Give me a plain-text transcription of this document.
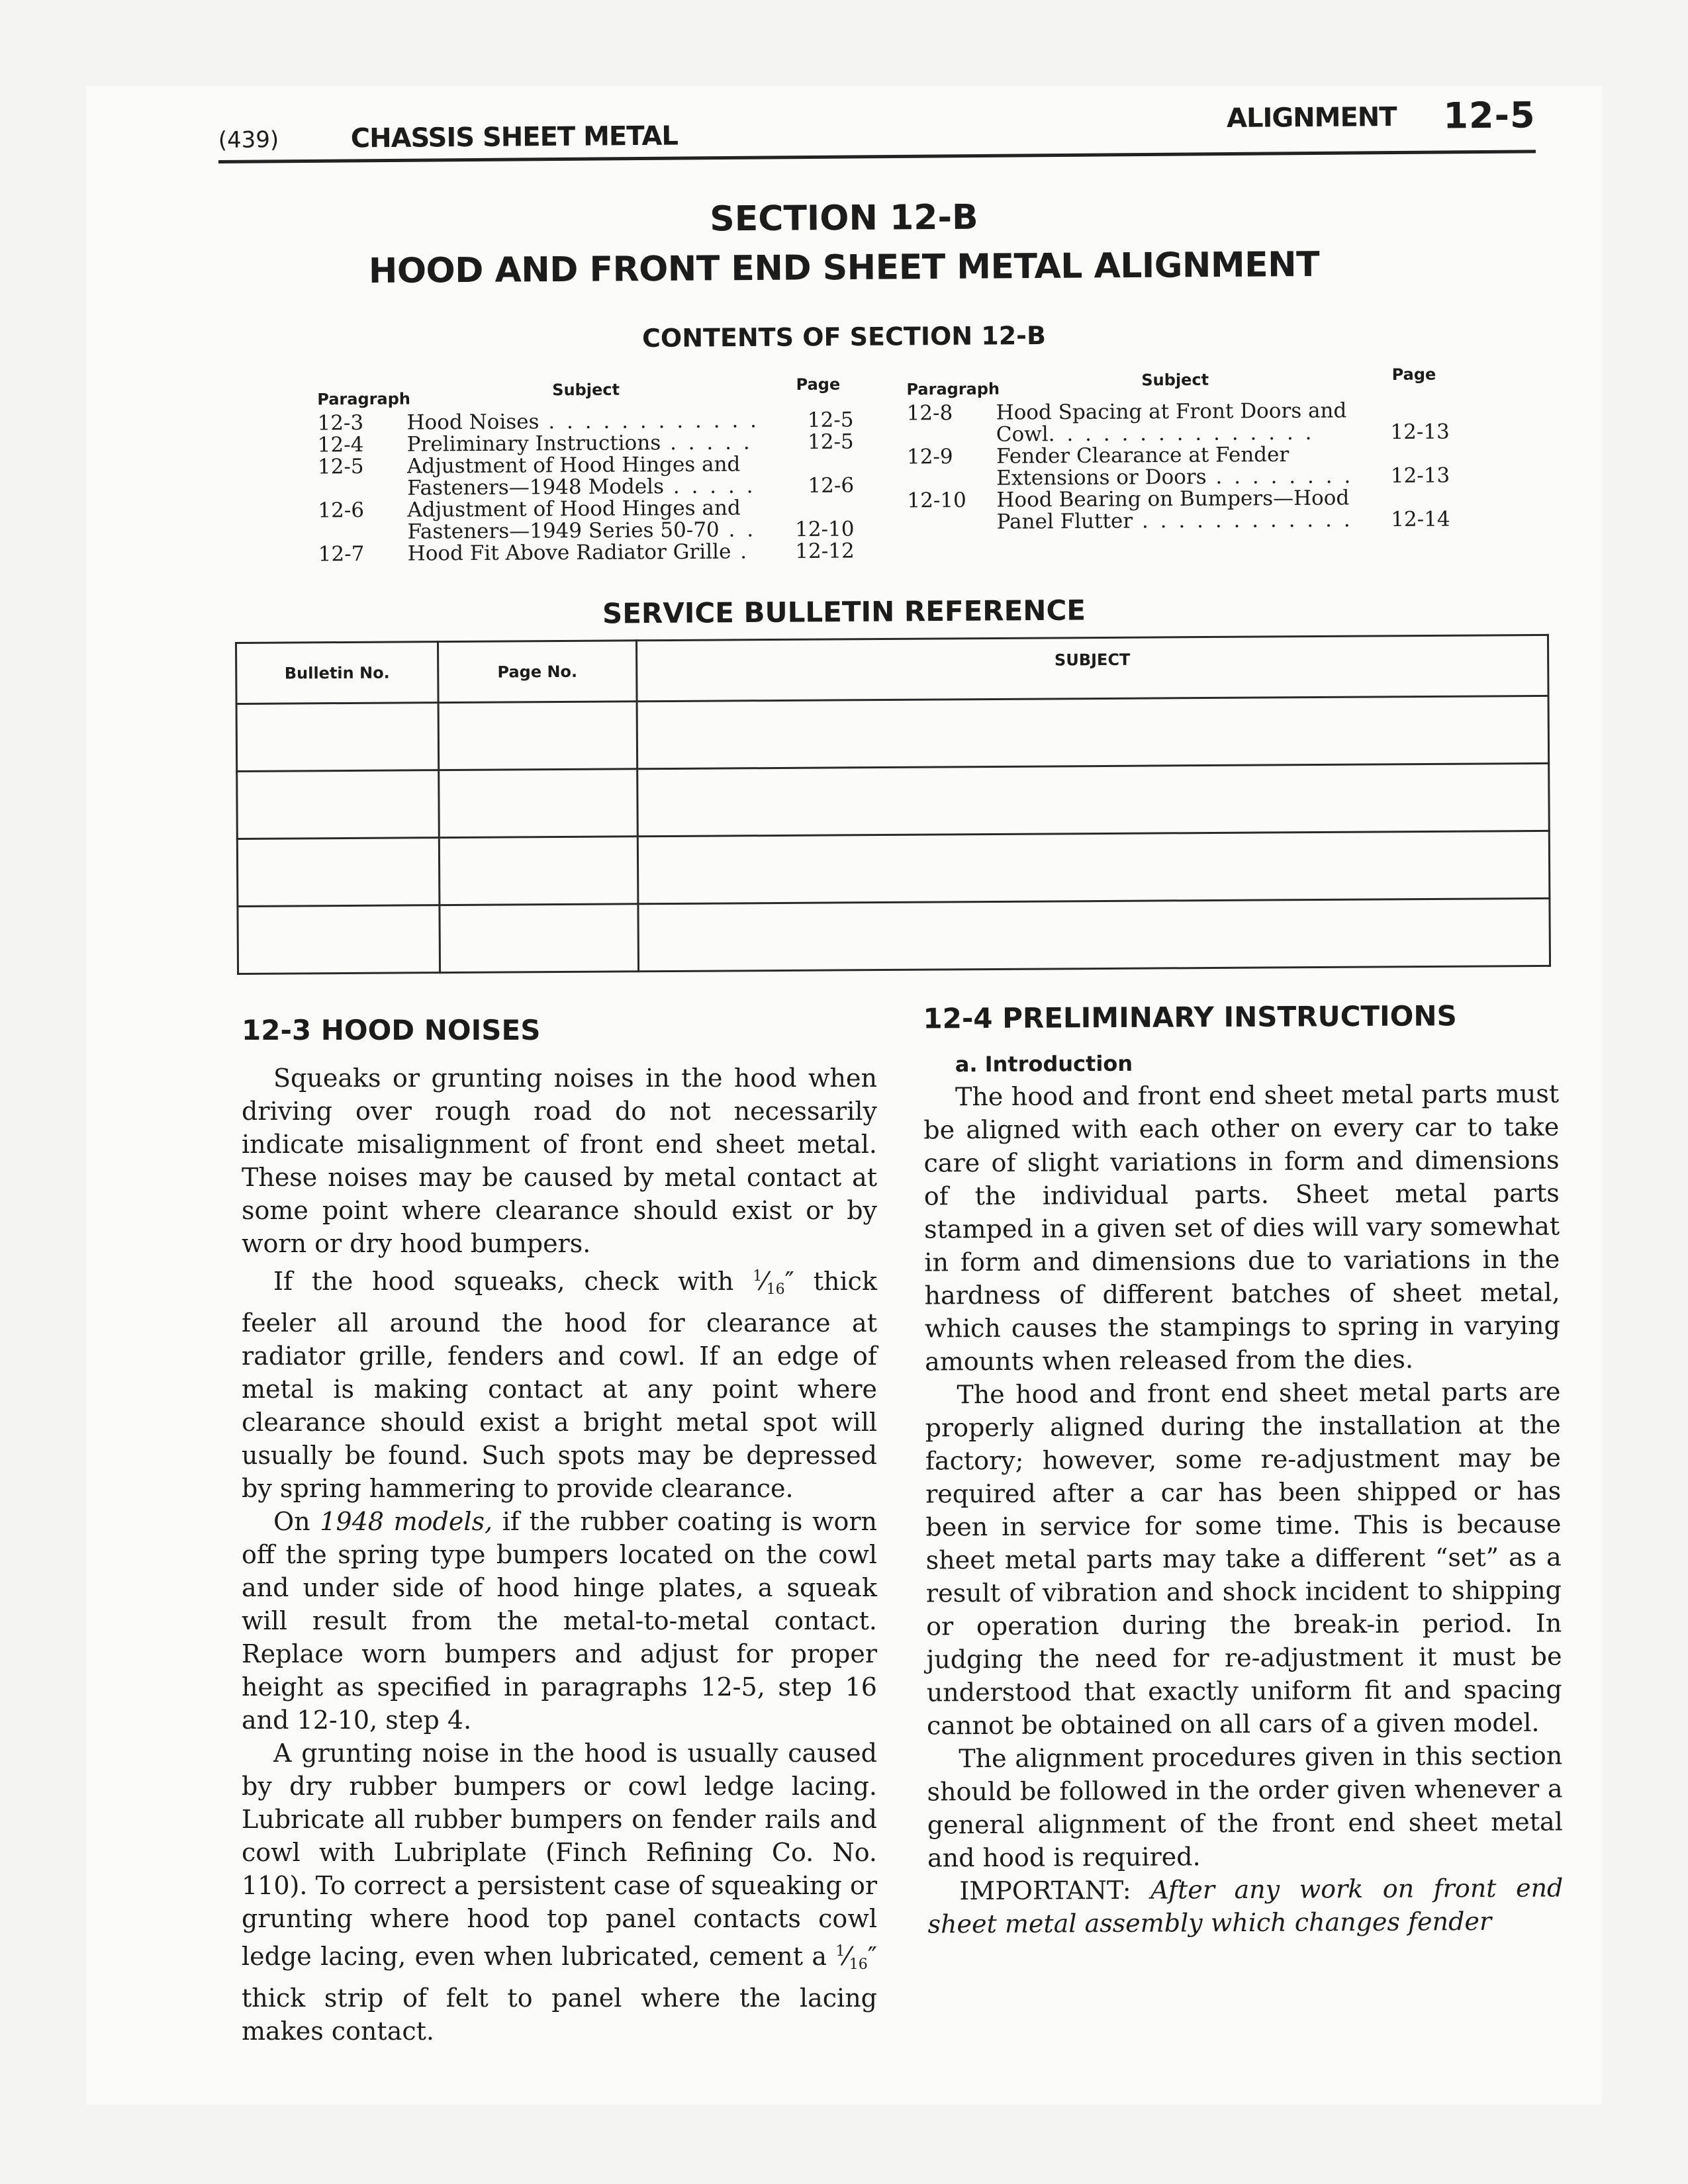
(439)	CHASSIS SHEET METAL
ALIGNMENT 12-5
SECTION 12-B
HOOD AND FRONT END SHEET METAL ALIGNMENT
CONTENTS OF SECTION 12-B
Paragraph	Subject	Page
12-3 Hood Noises . . . . . . . . . . . .	12-5
12-4 Preliminary Instructions . . . . .	12-5
12-5 Adjustment of Hood Hinges and Fasteners—1948 Models . . . . .	12-6
12-6 Adjustment of Hood Hinges and Fasteners—1949 Series 50-70 . .	12-10
12-7 Hood Fit Above Radiator Grille .	12-12
Paragraph	Subject	Page
12-8 Hood Spacing at Front Doors and Cowl. . . . . . . . . . . . . . .	12-13
12-9 Fender Clearance at Fender Extensions or Doors . . . . . . . .	12-13
12-10 Hood Bearing on Bumpers—Hood Panel Flutter . . . . . . . . . . . .	12-14
SERVICE BULLETIN REFERENCE
Bulletin No.	Page No.	SUBJECT

12-3 HOOD NOISES

Squeaks or grunting noises in the hood when driving over rough road do not necessarily indicate misalignment of front end sheet metal. These noises may be caused by metal contact at some point where clearance should exist or by worn or dry hood bumpers.

If the hood squeaks, check with $^1⁄_{16}''$ thick feeler all around the hood for clearance at radiator grille, fenders and cowl. If an edge of metal is making contact at any point where clearance should exist a bright metal spot will usually be found. Such spots may be depressed by spring hammering to provide clearance.

On 1948 models, if the rubber coating is worn off the spring type bumpers located on the cowl and under side of hood hinge plates, a squeak will result from the metal-to-metal contact. Replace worn bumpers and adjust for proper height as specified in paragraphs 12-5, step 16 and 12-10, step 4.

A grunting noise in the hood is usually caused by dry rubber bumpers or cowl ledge lacing. Lubricate all rubber bumpers on fender rails and cowl with Lubriplate (Finch Refining Co. No. 110). To correct a persistent case of squeaking or grunting where hood top panel contacts cowl ledge lacing, even when lubricated, cement a $^1⁄_{16}''$ thick strip of felt to panel where the lacing makes contact.

12-4 PRELIMINARY INSTRUCTIONS
a. Introduction

The hood and front end sheet metal parts must be aligned with each other on every car to take care of slight variations in form and dimensions of the individual parts. Sheet metal parts stamped in a given set of dies will vary somewhat in form and dimensions due to variations in the hardness of different batches of sheet metal, which causes the stampings to spring in varying amounts when released from the dies.

The hood and front end sheet metal parts are properly aligned during the installation at the factory; however, some re-adjustment may be required after a car has been shipped or has been in service for some time. This is because sheet metal parts may take a different “set” as a result of vibration and shock incident to shipping or operation during the break-in period. In judging the need for re-adjustment it must be understood that exactly uniform fit and spacing cannot be obtained on all cars of a given model.

The alignment procedures given in this section should be followed in the order given whenever a general alignment of the front end sheet metal and hood is required.

IMPORTANT: After any work on front end sheet metal assembly which changes fender
